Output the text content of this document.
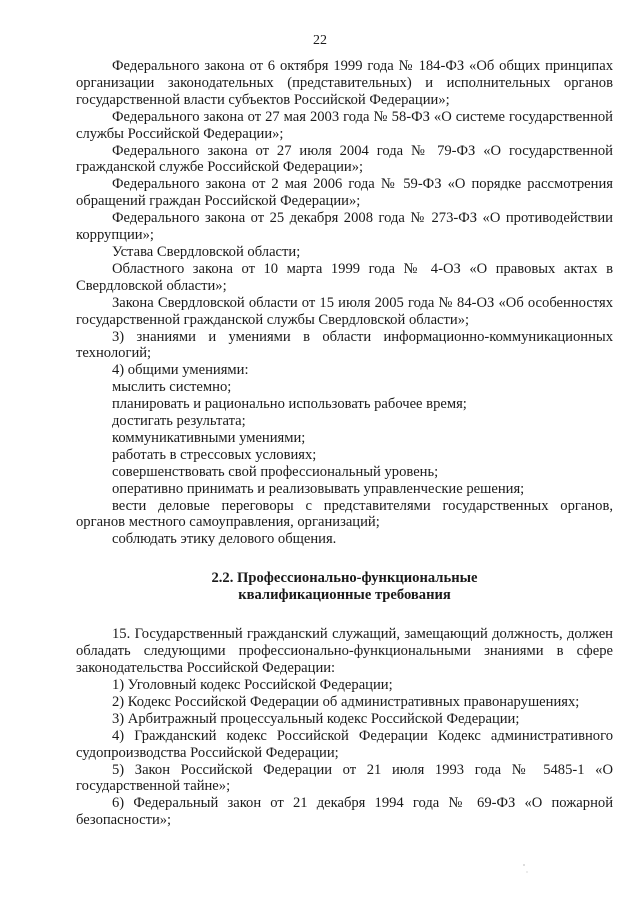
22

Федерального закона от 6 октября 1999 года № 184-ФЗ «Об общих принципах организации законодательных (представительных) и исполнительных органов государственной власти субъектов Российской Федерации»;

Федерального закона от 27 мая 2003 года № 58-ФЗ «О системе государственной службы Российской Федерации»;

Федерального закона от 27 июля 2004 года № 79-ФЗ «О государственной гражданской службе Российской Федерации»;

Федерального закона от 2 мая 2006 года № 59-ФЗ «О порядке рассмотрения обращений граждан Российской Федерации»;

Федерального закона от 25 декабря 2008 года № 273-ФЗ «О противодействии коррупции»;

Устава Свердловской области;

Областного закона от 10 марта 1999 года № 4-ОЗ «О правовых актах в Свердловской области»;

Закона Свердловской области от 15 июля 2005 года № 84-ОЗ «Об особенностях государственной гражданской службы Свердловской области»;

3) знаниями и умениями в области информационно-коммуникационных технологий;

4) общими умениями:

мыслить системно;

планировать и рационально использовать рабочее время;

достигать результата;

коммуникативными умениями;

работать в стрессовых условиях;

совершенствовать свой профессиональный уровень;

оперативно принимать и реализовывать управленческие решения;

вести деловые переговоры с представителями государственных органов, органов местного самоуправления, организаций;

соблюдать этику делового общения.

2.2. Профессионально-функциональные

квалификационные требования

15. Государственный гражданский служащий, замещающий должность, должен обладать следующими профессионально-функциональными знаниями в сфере законодательства Российской Федерации:

1) Уголовный кодекс Российской Федерации;

2) Кодекс Российской Федерации об административных правонарушениях;

3) Арбитражный процессуальный кодекс Российской Федерации;

4) Гражданский кодекс Российской Федерации Кодекс административного судопроизводства Российской Федерации;

5) Закон Российской Федерации от 21 июля 1993 года № 5485-1 «О государственной тайне»;

6) Федеральный закон от 21 декабря 1994 года № 69-ФЗ «О пожарной безопасности»;
